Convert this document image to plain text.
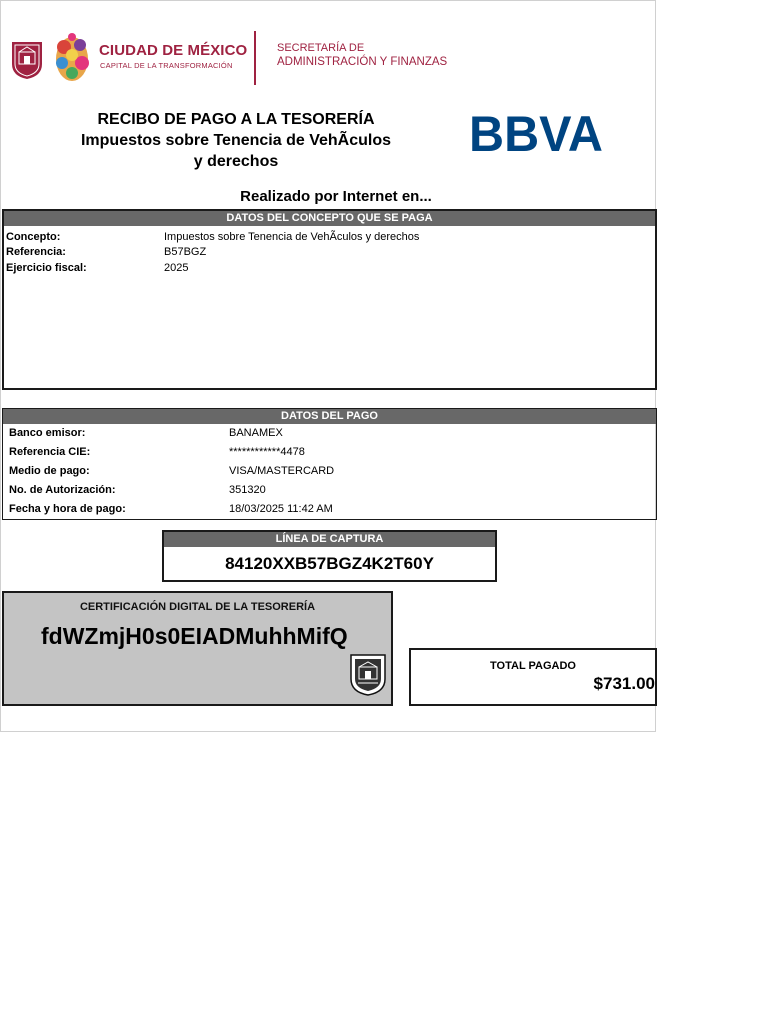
CIUDAD DE MÉXICO
CAPITAL DE LA TRANSFORMACIÓN
SECRETARÍA DE
ADMINISTRACIÓN Y FINANZAS
RECIBO DE PAGO A LA TESORERÍA
Impuestos sobre Tenencia de VehÃculos
y derechos	BBVA
Realizado por Internet en...
DATOS DEL CONCEPTO QUE SE PAGA
Concepto:	Impuestos sobre Tenencia de VehÃculos y derechos
Referencia:	B57BGZ
Ejercicio fiscal:	2025
DATOS DEL PAGO
Banco emisor:	BANAMEX
Referencia CIE:	************4478
Medio de pago:	VISA/MASTERCARD
No. de Autorización:	351320
Fecha y hora de pago:	18/03/2025 11:42 AM
LÍNEA DE CAPTURA
84120XXB57BGZ4K2T60Y
CERTIFICACIÓN DIGITAL DE LA TESORERÍA
fdWZmjH0s0EIADMuhhMifQ
TOTAL PAGADO
$731.00
